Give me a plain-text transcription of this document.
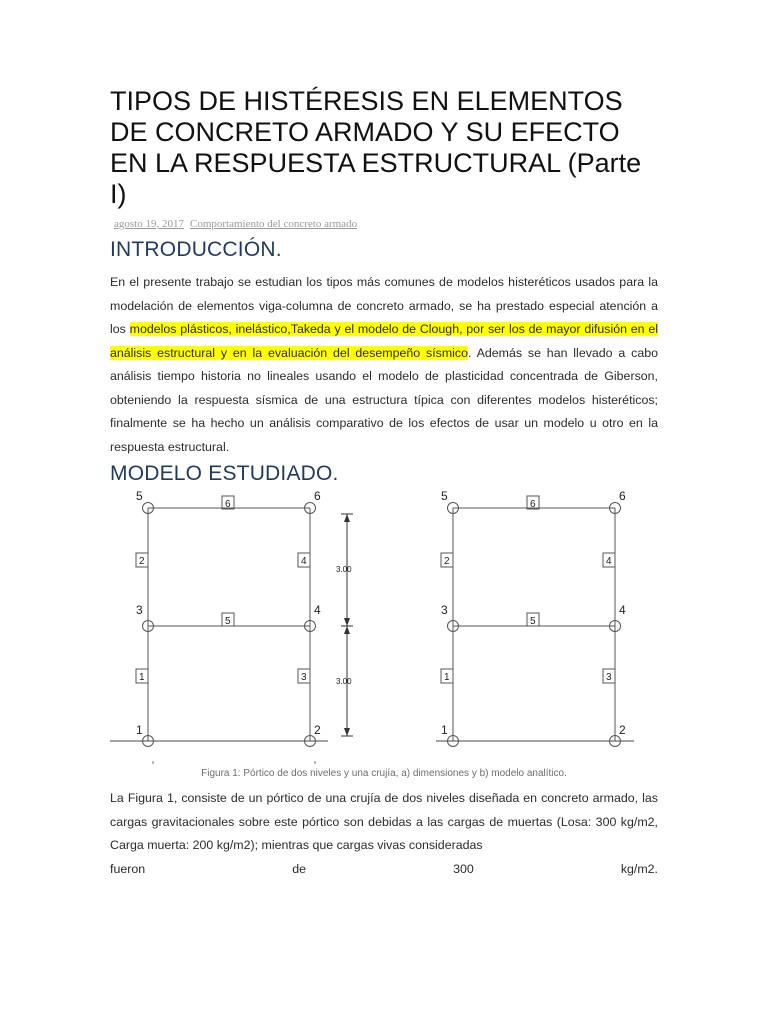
TIPOS DE HISTÉRESIS EN ELEMENTOS DE CONCRETO ARMADO Y SU EFECTO EN LA RESPUESTA ESTRUCTURAL (Parte I)
agosto 19, 2017 Comportamiento del concreto armado
INTRODUCCIÓN.

En el presente trabajo se estudian los tipos más comunes de modelos histeréticos usados para la modelación de elementos viga-columna de concreto armado, se ha prestado especial atención a los modelos plásticos, inelástico,Takeda y el modelo de Clough, por ser los de mayor difusión en el análisis estructural y en la evaluación del desempeño sísmico. Además se han llevado a cabo análisis tiempo historia no lineales usando el modelo de plasticidad concentrada de Giberson, obteniendo la respuesta sísmica de una estructura típica con diferentes modelos histeréticos; finalmente se ha hecho un análisis comparativo de los efectos de usar un modelo u otro en la respuesta estructural.

MODELO ESTUDIADO.
5	6
3	4
1	2
6
2	4
5
1	3
3.00
3.00
5	6
3	4
1	2
6
2	4
5
1	3
Figura 1: Pórtico de dos niveles y una crujía, a) dimensiones y b) modelo analítico.

La Figura 1, consiste de un pórtico de una crujía de dos niveles diseñada en concreto armado, las cargas gravitacionales sobre este pórtico son debidas a las cargas de muertas (Losa: 300 kg/m2, Carga muerta: 200 kg/m2); mientras que cargas vivas consideradas
fueron	de	300	kg/m2.
